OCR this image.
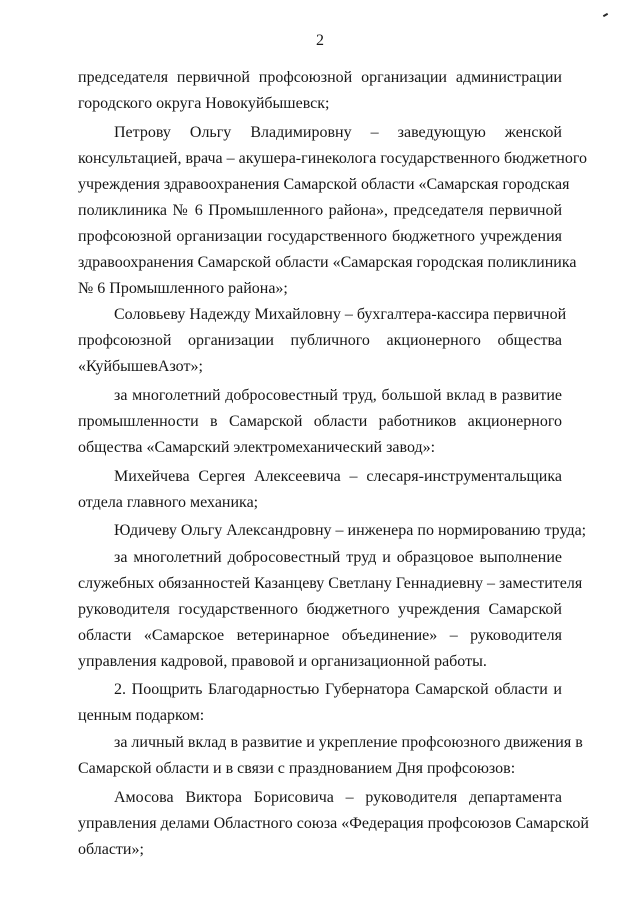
2
председателя первичной профсоюзной организации администрации
городского округа Новокуйбышевск;
Петрову Ольгу Владимировну – заведующую женской
консультацией, врача – акушера-гинеколога государственного бюджетного
учреждения здравоохранения Самарской области «Самарская городская
поликлиника № 6 Промышленного района», председателя первичной
профсоюзной организации государственного бюджетного учреждения
здравоохранения Самарской области «Самарская городская поликлиника
№ 6 Промышленного района»;
Соловьеву Надежду Михайловну – бухгалтера-кассира первичной
профсоюзной организации публичного акционерного общества
«КуйбышевАзот»;
за многолетний добросовестный труд, большой вклад в развитие
промышленности в Самарской области работников акционерного
общества «Самарский электромеханический завод»:
Михейчева Сергея Алексеевича – слесаря-инструментальщика
отдела главного механика;
Юдичеву Ольгу Александровну – инженера по нормированию труда;
за многолетний добросовестный труд и образцовое выполнение
служебных обязанностей Казанцеву Светлану Геннадиевну – заместителя
руководителя государственного бюджетного учреждения Самарской
области «Самарское ветеринарное объединение» – руководителя
управления кадровой, правовой и организационной работы.
2. Поощрить Благодарностью Губернатора Самарской области и
ценным подарком:
за личный вклад в развитие и укрепление профсоюзного движения в
Самарской области и в связи с празднованием Дня профсоюзов:
Амосова Виктора Борисовича – руководителя департамента
управления делами Областного союза «Федерация профсоюзов Самарской
области»;
